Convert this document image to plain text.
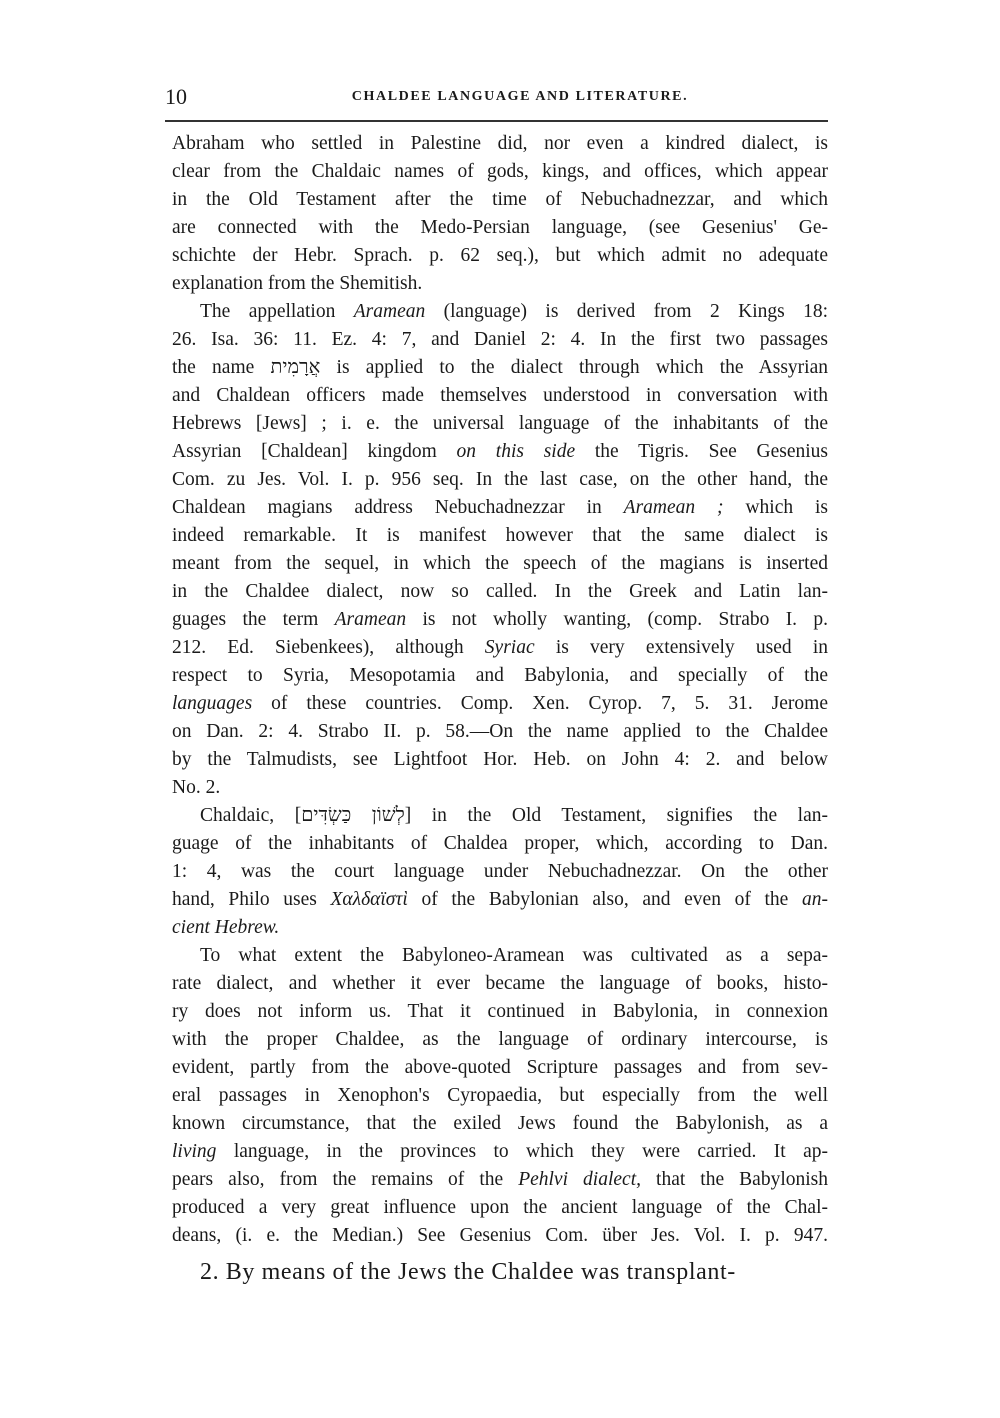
10	CHALDEE LANGUAGE AND LITERATURE.
Abraham who settled in Palestine did, nor even a kindred dialect, is
clear from the Chaldaic names of gods, kings, and offices, which appear
in the Old Testament after the time of Nebuchadnezzar, and which
are connected with the Medo-Persian language, (see Gesenius' Ge-
schichte der Hebr. Sprach. p. 62 seq.), but which admit no adequate
explanation from the Shemitish.
The appellation Aramean (language) is derived from 2 Kings 18:
26. Isa. 36: 11. Ez. 4: 7, and Daniel 2: 4. In the first two passages
the name אֲרָמִית is applied to the dialect through which the Assyrian
and Chaldean officers made themselves understood in conversation with
Hebrews [Jews] ; i. e. the universal language of the inhabitants of the
Assyrian [Chaldean] kingdom on this side the Tigris. See Gesenius
Com. zu Jes. Vol. I. p. 956 seq. In the last case, on the other hand, the
Chaldean magians address Nebuchadnezzar in Aramean ; which is
indeed remarkable. It is manifest however that the same dialect is
meant from the sequel, in which the speech of the magians is inserted
in the Chaldee dialect, now so called. In the Greek and Latin lan-
guages the term Aramean is not wholly wanting, (comp. Strabo I. p.
212. Ed. Siebenkees), although Syriac is very extensively used in
respect to Syria, Mesopotamia and Babylonia, and specially of the
languages of these countries. Comp. Xen. Cyrop. 7, 5. 31. Jerome
on Dan. 2: 4. Strabo II. p. 58.—On the name applied to the Chaldee
by the Talmudists, see Lightfoot Hor. Heb. on John 4: 2. and below
No. 2.
Chaldaic, [לְשׁוֹן כַּשְׂדִּים] in the Old Testament, signifies the lan-
guage of the inhabitants of Chaldea proper, which, according to Dan.
1: 4, was the court language under Nebuchadnezzar. On the other
hand, Philo uses Χαλδαϊστὶ of the Babylonian also, and even of the an-
cient Hebrew.
To what extent the Babyloneo-Aramean was cultivated as a sepa-
rate dialect, and whether it ever became the language of books, histo-
ry does not inform us. That it continued in Babylonia, in connexion
with the proper Chaldee, as the language of ordinary intercourse, is
evident, partly from the above-quoted Scripture passages and from sev-
eral passages in Xenophon's Cyropaedia, but especially from the well
known circumstance, that the exiled Jews found the Babylonish, as a
living language, in the provinces to which they were carried. It ap-
pears also, from the remains of the Pehlvi dialect, that the Babylonish
produced a very great influence upon the ancient language of the Chal-
deans, (i. e. the Median.) See Gesenius Com. über Jes. Vol. I. p. 947.
2. By means of the Jews the Chaldee was transplant-
